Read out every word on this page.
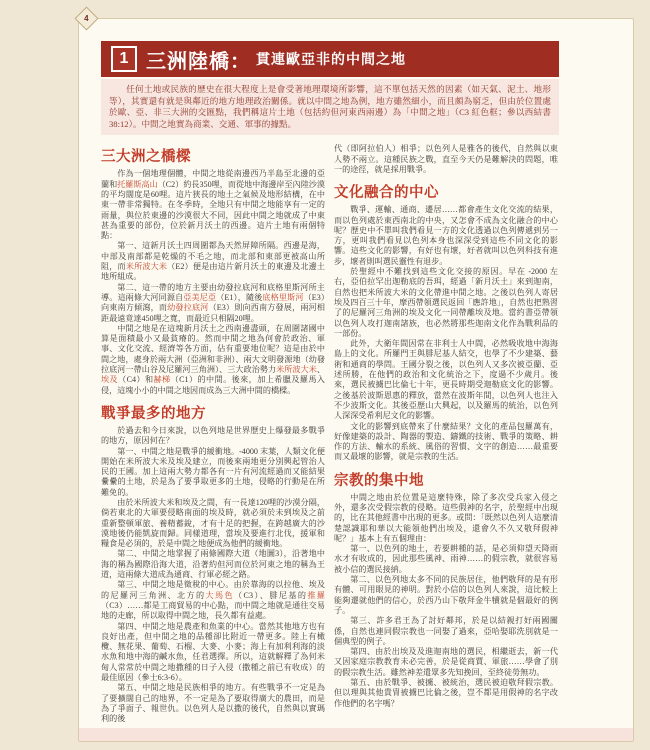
4
1 三洲陸橋： 貫連歐亞非的中間之地

任何土地或民族的歷史在很大程度上是會受著地理環境所影響，這不單包括天然的因素（如天氣、泥土、地形等），其實還有就是與鄰近的地方地理政治關係。就以中間之地為例，地方雖然細小，而且頗為窮乏，但由於位置處於歐、亞、非三大洲的交匯點，我們稱這片土地（包括約但河東西兩邊）為「中間之地」（C3 紅色框；參以西結書38:12）。中間之地實為商業、交通、軍事的據點。

三大洲之橋樑

作為一個地理個體，中間之地從南邊西乃半島至北邊的亞蘭和托羅斯高山（C2）約長350哩，而從地中海邊岸至內陸沙漠的平均闊度是60哩。這片狹長的地土之氣候及地形結構，在中東一帶非常獨特。在冬季時，全地只有中間之地能享有一定的雨量，與位於東邊的沙漠很大不同，因此中間之地就成了中東甚為重要的部份，位於新月沃土的西邊。這片土地有兩個特點：

第一、這新月沃土四周圍都為天然屏障所隔。西邊是海，中部及南部都是乾燥的不毛之地，而北部和東部更被高山所阻，而米所波大米（E2）便是由這片新月沃土的東邊及北邊土地所組成。

第二、這一帶的地方主要由幼發拉底河和底格里斯河所主導。這兩條大河同源自亞美尼亞（E1），隨後底格里斯河（E3）向東南方傾瀉，而幼發拉底河（E3）則向西南方發展，兩河相距最遠竟達450哩之寬，而最近只相隔20哩。

中間之地是在這塊新月沃土之西南邊盡頭，在周圍諸國中算是面積最小又最貧瘠的。然而中間之地為何會於政治、軍事、文化交流、經濟等各方面，佔有重要地位呢？這是由於中間之地，處身於兩大洲（亞洲和非洲）、兩大文明發源地（幼發拉底河一帶山谷及尼羅河三角洲）、三大政治勢力米所波大米、埃及（C4）和赫梯（C1）的中間。後來，加上希臘及羅馬入侵，這塊小小的中間之地因而成為三大洲中間的橋樑。

戰爭最多的地方

於過去和今日來說，以色列地是世界歷史上爆發最多戰爭的地方，原因何在？

第一、中間之地是戰爭的緩衝地。-4000 末葉，人類文化便開始在米所波大米及埃及建立，而後來兩地更分別興起管治人民的王國。加上這兩大勢力都各有一片有河流經過而又能結果纍纍的土地，於是為了要爭取更多的土地，侵略的行動是在所難免的。

由於米所波大米和埃及之間，有一長達120哩的沙漠分隔，倘若東北的大軍要侵略南面的埃及時，就必須於未到埃及之前重新整頓軍旅、養精蓄銳，才有十足的把握，在跨越廣大的沙漠地後仍能凱旋而歸。同樣道理，當埃及要進行北伐，援軍和糧食是必須的，於是中間之地便成為他們的緩衝地。

第二、中間之地掌握了兩條國際大道（地圖3），沿著地中海的稱為國際沿海大道，沿著約但河而位於河東之地的稱為王道，這兩條大道成為通商、行軍必經之路。

第三、中間之地是徵稅的中心。由於靠海的以拉他、埃及的尼羅河三角洲、北方的大馬色（C3）、腓尼基的推羅（C3）……都是工商貿易的中心點，而中間之地就是通往交易地的走廊，所以取得中間之地，長久都有益處。

第四、中間之地是農產和魚業的中心。當然其他地方也有良好出產，但中間之地的品種卻比附近一帶更多。陸上有橄欖、無花果、葡萄、石榴、大麥、小麥；海上有加利利海的淡水魚和地中海的鹹水魚，任君選擇。所以，這就解釋了為何米甸人常常於中間之地撒種的日子入侵（撒種之前已有收成）的最佳原因（參士6:3-6）。

第五、中間之地是民族相爭的地方。有些戰爭不一定是為了要擴闊自己的地界，不一定是為了要取得廣大的農田，而是為了爭面子、報世仇。以色列人是以撒的後代，自然與以實瑪利的後

代（即阿拉伯人）相爭；以色列人是雅各的後代，自然與以東人勢不兩立。這種民族之戰，直至今天仍是難解決的問題，唯一的途徑，就是採用戰爭。

文化融合的中心

戰爭、運輸、通商、遷居……都會產生文化交流的結果，而以色列處於東西南北的中央，又怎會不成為文化融合的中心呢？歷史中不單叫我們看見一方的文化透過以色列傳遞到另一方，更叫我們看見以色列本身也深深受到這些不同文化的影響。這些文化的影響，有好也有壞，好者就叫以色列科技有進步，壞者則叫選民靈性有退步。

於聖經中不難找到這些文化交接的原因。早在 -2000 左右，亞伯拉罕出迦勒底的吾珥，經過「新月沃土」來到迦南，自然也把米所波大米的文化帶進中間之地。之後以色列人寄居埃及四百三十年，摩西帶領選民返回「應許地」，自然也把熟習了的尼羅河三角洲的埃及文化一同帶離埃及地。當約書亞帶領以色列人攻打迦南諸族，也必然將那些迦南文化作為戰利品的一部份。

此外，大衛年間因常在非利士人中間，必然吸收地中海海島上的文化。所羅門王與腓尼基人結交，也學了不少建築、藝術和通商的學問。王國分裂之後，以色列人又多次被亞蘭、亞述所勝，在他們的政治和文化統治之下，度過不少歲月。後來，選民被擄巴比倫七十年，更長時期受迦勒底文化的影響。之後基於波斯恩惠的釋放，當然在波斯年間，以色列人也注入不少波斯文化。其後亞歷山大興起，以及羅馬的統治，以色列人深深受希利尼文化的影響。

文化的影響到底帶來了什麼結果？文化的產品包羅萬有，好像建築的設計、陶器的製造、鑄鐵的技術、戰爭的策略、耕作的方法、輸水的系統、風俗的習慣、文字的創造……最重要而又最壞的影響，就是宗教的生活。

宗教的集中地

中間之地由於位置是這麼特殊，除了多次受兵家入侵之外，還多次受假宗教的侵略。這些假神的名字，於聖經中出現的，比在其他經書中出現的更多。或問：「既然以色列人這麼清楚認識耶和華以大能領他們出埃及，還會久不久又敬拜假神呢？」基本上有五個理由：

第一、以色列的地土，若要耕種的話，是必須仰望天降雨水才有收成的，因此那些風神、雨神……的假宗教，就很容易被小信的選民接納。

第二、以色列地太多不同的民族居住，他們敬拜的是有形有體、可用眼見的神明。對於小信的以色列人來說，這比較上能夠遷就他們的信心，於西乃山下敬拜金牛犢就是個最好的例子。

第三、許多君王為了討好鄰邦，於是以結親打好兩國關係，自然也連同假宗教也一同娶了過來，亞哈娶耶洗別就是一個典型的例子。

第四、由於出埃及及進迦南地的選民，相繼逝去，新一代又因家庭宗教教育未必完善，於是從商賈、軍旅……學會了別的假宗教生活。雖然神差遣眾多先知挽回，至終徒勞無功。

第五、由於戰爭、被擄、被統治，選民被迫敬拜假宗教。但以理與其他貴冑被擄巴比倫之後，豈不都是用假神的名字改作他們的名字嗎？
